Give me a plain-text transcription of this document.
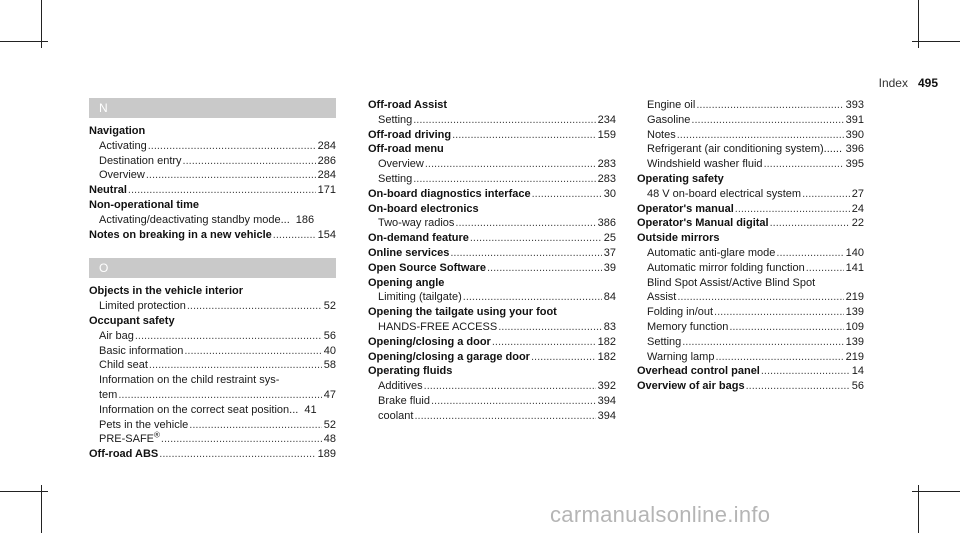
Index 495
N
Navigation
Activating .....	284
Destination entry .....	286
Overview .....	284
Neutral .....	171
Non-operational time
Activating/deactivating standby mode... 186
Notes on breaking in a new vehicle .....	154
O
Objects in the vehicle interior
Limited protection .....	52
Occupant safety
Air bag .....	56
Basic information .....	40
Child seat .....	58
Information on the child restraint sys-
tem .....	47
Information on the correct seat position... 41
Pets in the vehicle .....	52
PRE-SAFE® .....	48
Off-road ABS .....	189
Off-road Assist
Setting .....	234
Off-road driving .....	159
Off-road menu
Overview .....	283
Setting .....	283
On-board diagnostics interface .....	30
On-board electronics
Two-way radios .....	386
On-demand feature .....	25
Online services .....	37
Open Source Software .....	39
Opening angle
Limiting (tailgate) .....	84
Opening the tailgate using your foot
HANDS-FREE ACCESS .....	83
Opening/closing a door .....	182
Opening/closing a garage door .....	182
Operating fluids
Additives .....	392
Brake fluid .....	394
coolant .....	394
Engine oil .....	393
Gasoline .....	391
Notes .....	390
Refrigerant (air conditioning system)...... 396
Windshield washer fluid .....	395
Operating safety
48 V on-board electrical system .....	27
Operator's manual .....	24
Operator's Manual digital .....	22
Outside mirrors
Automatic anti-glare mode .....	140
Automatic mirror folding function .....	141
Blind Spot Assist/Active Blind Spot
Assist .....	219
Folding in/out .....	139
Memory function .....	109
Setting .....	139
Warning lamp .....	219
Overhead control panel .....	14
Overview of air bags .....	56
carmanualsonline.info
